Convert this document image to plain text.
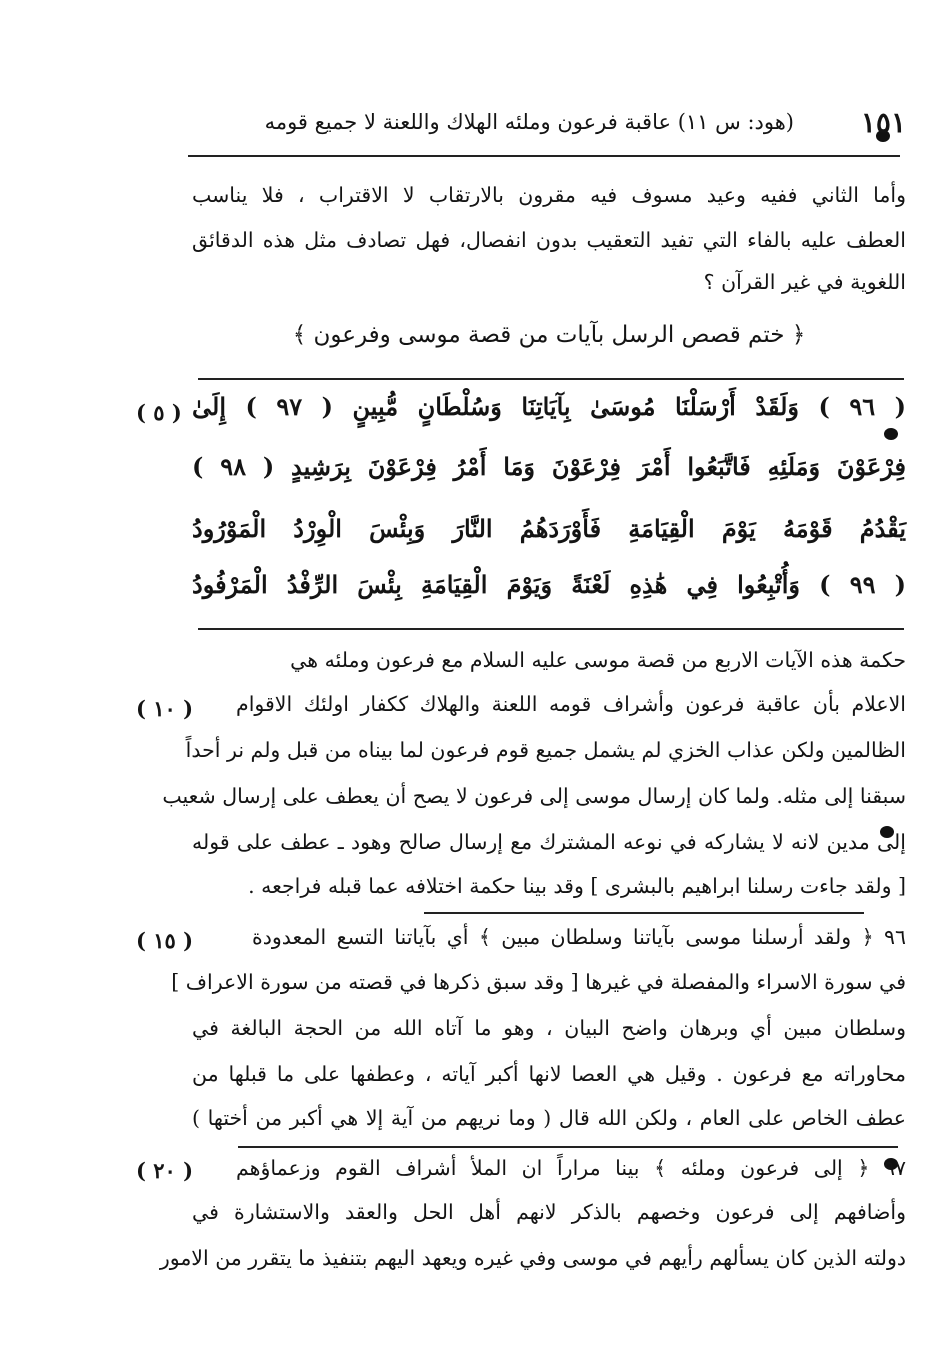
١٥١
(هود: س ١١) عاقبة فرعون وملئه الهلاك واللعنة لا جميع قومه
وأما الثاني ففيه وعيد مسوف فيه مقرون بالارتقاب لا الاقتراب ، فلا يناسب
العطف عليه بالفاء التي تفيد التعقيب بدون انفصال، فهل تصادف مثل هذه الدقائق
اللغوية في غير القرآن ؟
﴿ ختم قصص الرسل بآيات من قصة موسى وفرعون ﴾
( ٩٦ ) وَلَقَدْ أَرْسَلْنَا مُوسَىٰ بِآيَاتِنَا وَسُلْطَانٍ مُّبِينٍ ( ٩٧ ) إِلَىٰ
فِرْعَوْنَ وَمَلَئِهِ فَاتَّبَعُوا أَمْرَ فِرْعَوْنَ وَمَا أَمْرُ فِرْعَوْنَ بِرَشِيدٍ ( ٩٨ )
يَقْدُمُ قَوْمَهُ يَوْمَ الْقِيَامَةِ فَأَوْرَدَهُمُ النَّارَ وَبِئْسَ الْوِرْدُ الْمَوْرُودُ
( ٩٩ ) وَأُتْبِعُوا فِي هَٰذِهِ لَعْنَةً وَيَوْمَ الْقِيَامَةِ بِئْسَ الرِّفْدُ الْمَرْفُودُ
حكمة هذه الآيات الاربع من قصة موسى عليه السلام مع فرعون وملئه هي
الاعلام بأن عاقبة فرعون وأشراف قومه اللعنة والهلاك ككفار اولئك الاقوام
الظالمين ولكن عذاب الخزي لم يشمل جميع قوم فرعون لما بيناه من قبل ولم نر أحداً
سبقنا إلى مثله. ولما كان إرسال موسى إلى فرعون لا يصح أن يعطف على إرسال شعيب
إلى مدين لانه لا يشاركه في نوعه المشترك مع إرسال صالح وهود ـ عطف على قوله
[ ولقد جاءت رسلنا ابراهيم بالبشرى ] وقد بينا حكمة اختلافه عما قبله فراجعه .
٩٦ ﴿ ولقد أرسلنا موسى بآياتنا وسلطان مبين ﴾ أي بآياتنا التسع المعدودة
في سورة الاسراء والمفصلة في غيرها [ وقد سبق ذكرها في قصته من سورة الاعراف ]
وسلطان مبين أي وبرهان واضح البيان ، وهو ما آتاه الله من الحجة البالغة في
محاوراته مع فرعون . وقيل هي العصا لانها أكبر آياته ، وعطفها على ما قبلها من
عطف الخاص على العام ، ولكن الله قال ( وما نريهم من آية إلا هي أكبر من أختها )
٩٧ ﴿ إلى فرعون وملئه ﴾ بينا مراراً ان الملأ أشراف القوم وزعماؤهم
وأضافهم إلى فرعون وخصهم بالذكر لانهم أهل الحل والعقد والاستشارة في
دولته الذين كان يسألهم رأيهم في موسى وفي غيره ويعهد اليهم بتنفيذ ما يتقرر من الامور
( ٥ )
( ١٠ )
( ١٥ )
( ٢٠ )
